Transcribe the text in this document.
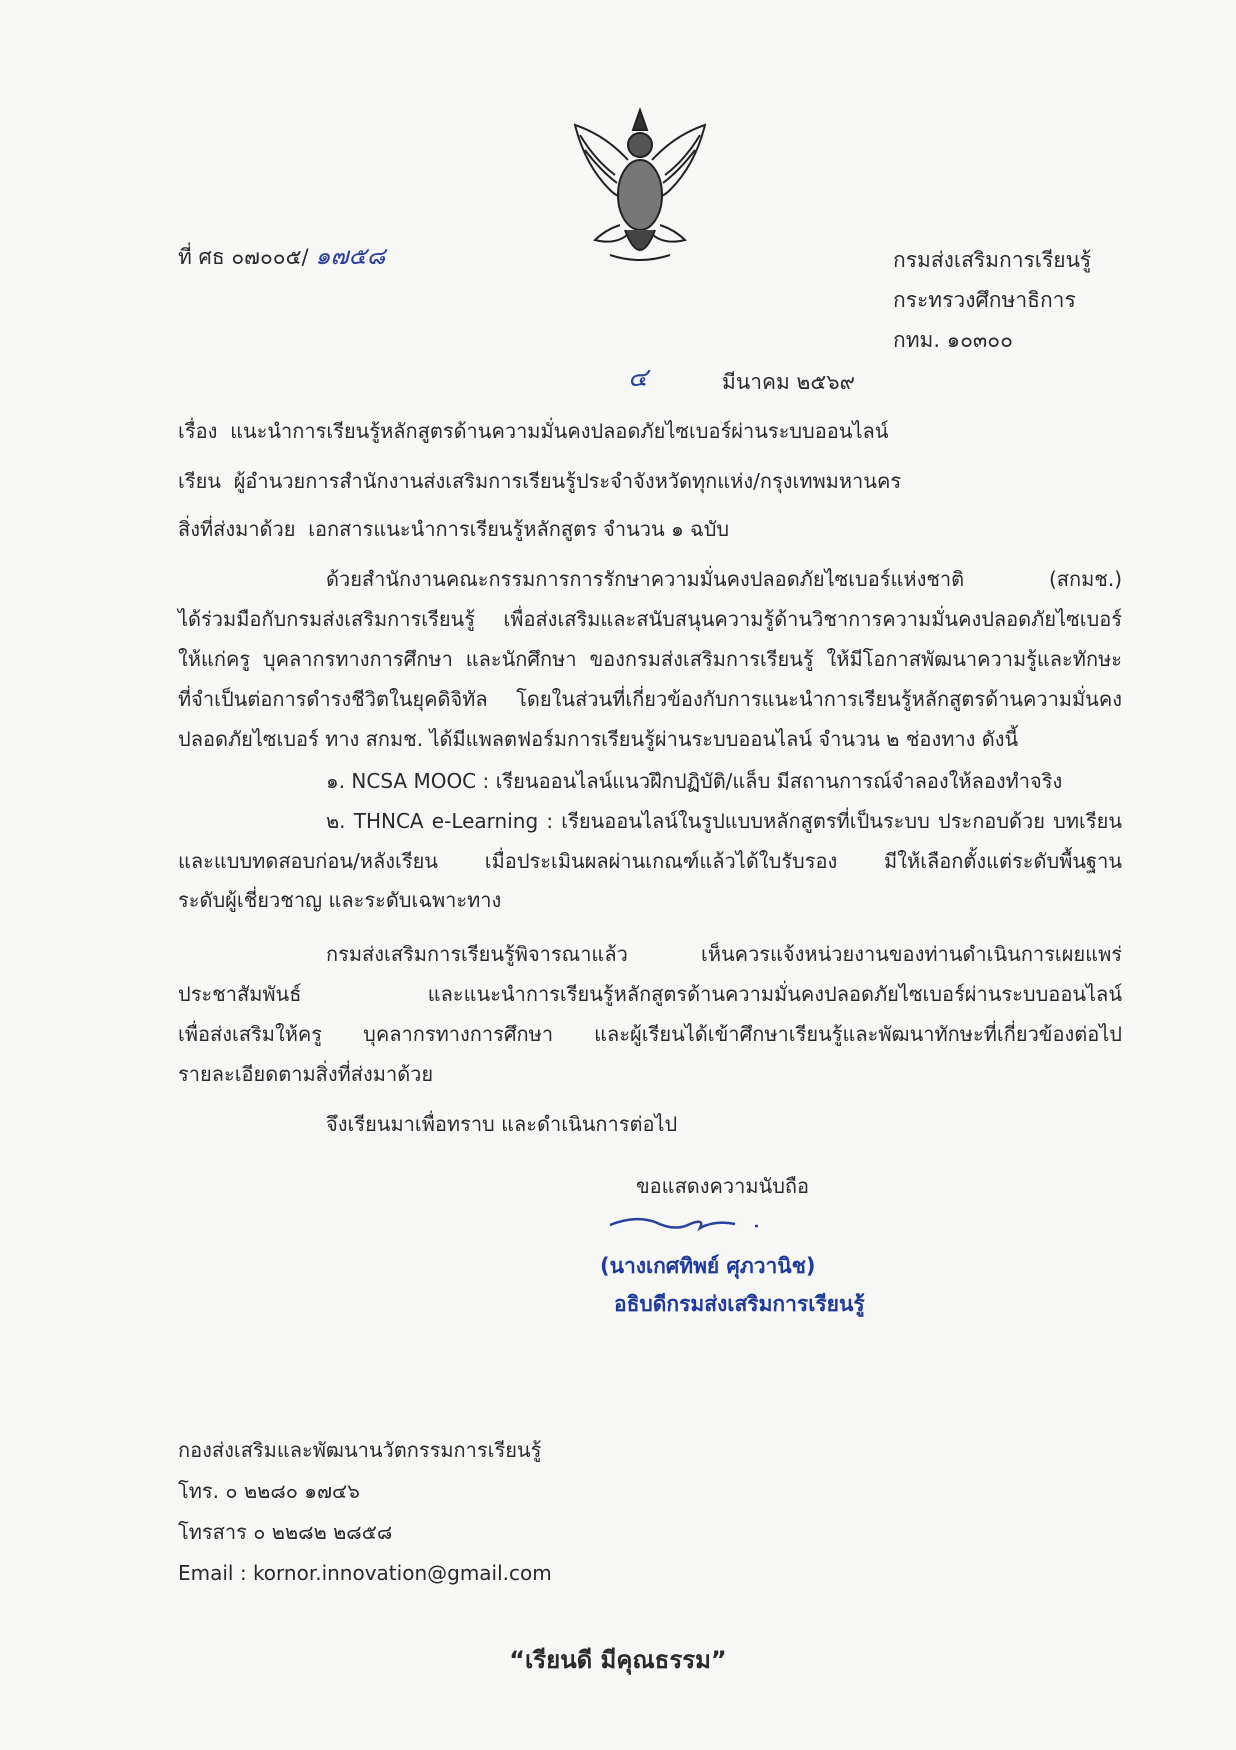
ที่ ศธ ๐๗๐๐๕/ ๑๗๕๘	กรมส่งเสริมการเรียนรู้
กระทรวงศึกษาธิการ
กทม. ๑๐๓๐๐
๔	มีนาคม ๒๕๖๙
เรื่อง แนะนำการเรียนรู้หลักสูตรด้านความมั่นคงปลอดภัยไซเบอร์ผ่านระบบออนไลน์
เรียน ผู้อำนวยการสำนักงานส่งเสริมการเรียนรู้ประจำจังหวัดทุกแห่ง/กรุงเทพมหานคร
สิ่งที่ส่งมาด้วย เอกสารแนะนำการเรียนรู้หลักสูตร จำนวน ๑ ฉบับ
ด้วยสำนักงานคณะกรรมการการรักษาความมั่นคงปลอดภัยไซเบอร์แห่งชาติ (สกมช.)
ได้ร่วมมือกับกรมส่งเสริมการเรียนรู้ เพื่อส่งเสริมและสนับสนุนความรู้ด้านวิชาการความมั่นคงปลอดภัยไซเบอร์
ให้แก่ครู บุคลากรทางการศึกษา และนักศึกษา ของกรมส่งเสริมการเรียนรู้ ให้มีโอกาสพัฒนาความรู้และทักษะ
ที่จำเป็นต่อการดำรงชีวิตในยุคดิจิทัล โดยในส่วนที่เกี่ยวข้องกับการแนะนำการเรียนรู้หลักสูตรด้านความมั่นคง
ปลอดภัยไซเบอร์ ทาง สกมช. ได้มีแพลตฟอร์มการเรียนรู้ผ่านระบบออนไลน์ จำนวน ๒ ช่องทาง ดังนี้
๑. NCSA MOOC : เรียนออนไลน์แนวฝึกปฏิบัติ/แล็บ มีสถานการณ์จำลองให้ลองทำจริง
๒. THNCA e-Learning : เรียนออนไลน์ในรูปแบบหลักสูตรที่เป็นระบบ ประกอบด้วย บทเรียน
และแบบทดสอบก่อน/หลังเรียน เมื่อประเมินผลผ่านเกณฑ์แล้วได้ใบรับรอง มีให้เลือกตั้งแต่ระดับพื้นฐาน
ระดับผู้เชี่ยวชาญ และระดับเฉพาะทาง
กรมส่งเสริมการเรียนรู้พิจารณาแล้ว เห็นควรแจ้งหน่วยงานของท่านดำเนินการเผยแพร่
ประชาสัมพันธ์ และแนะนำการเรียนรู้หลักสูตรด้านความมั่นคงปลอดภัยไซเบอร์ผ่านระบบออนไลน์
เพื่อส่งเสริมให้ครู บุคลากรทางการศึกษา และผู้เรียนได้เข้าศึกษาเรียนรู้และพัฒนาทักษะที่เกี่ยวข้องต่อไป
รายละเอียดตามสิ่งที่ส่งมาด้วย
จึงเรียนมาเพื่อทราบ และดำเนินการต่อไป
ขอแสดงความนับถือ
(นางเกศทิพย์ ศุภวานิช)
อธิบดีกรมส่งเสริมการเรียนรู้
กองส่งเสริมและพัฒนานวัตกรรมการเรียนรู้
โทร. ๐ ๒๒๘๐ ๑๗๔๖
โทรสาร ๐ ๒๒๘๒ ๒๘๕๘
Email : kornor.innovation@gmail.com
“เรียนดี มีคุณธรรม”
